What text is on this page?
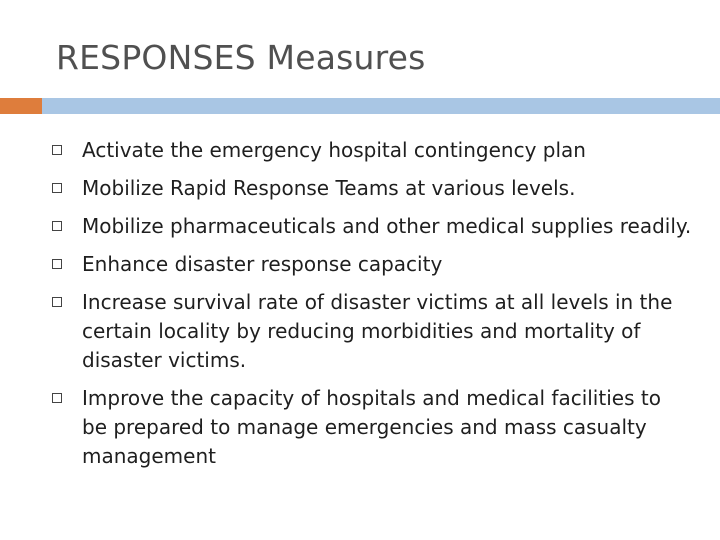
RESPONSES Measures
Activate the emergency hospital contingency plan
Mobilize Rapid Response Teams at various levels.
Mobilize pharmaceuticals and other medical supplies readily.
Enhance disaster response capacity
Increase survival rate of disaster victims at all levels in the certain locality by reducing morbidities and mortality of disaster victims.
Improve the capacity of hospitals and medical facilities to be prepared to manage emergencies and mass casualty management
